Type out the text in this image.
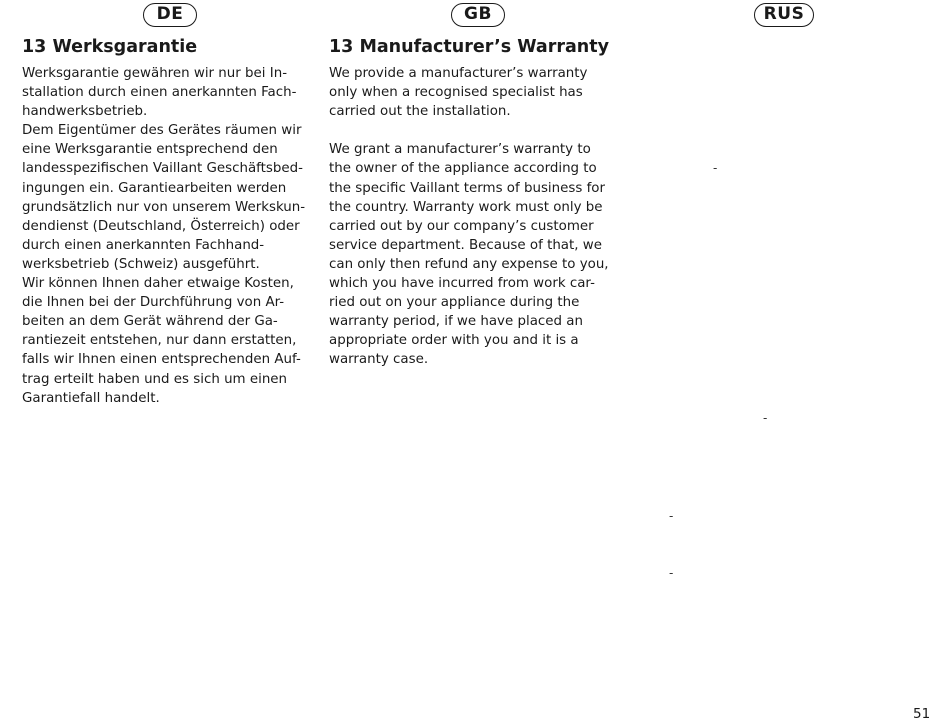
DE	GB	RUS
13 Werksgarantie
Werksgarantie gewähren wir nur bei In-
stallation durch einen anerkannten Fach-
handwerksbetrieb.
Dem Eigentümer des Gerätes räumen wir
eine Werksgarantie entsprechend den
landesspezifischen Vaillant Geschäftsbed-
ingungen ein. Garantiearbeiten werden
grundsätzlich nur von unserem Werkskun-
dendienst (Deutschland, Österreich) oder
durch einen anerkannten Fachhand-
werksbetrieb (Schweiz) ausgeführt.
Wir können Ihnen daher etwaige Kosten,
die Ihnen bei der Durchführung von Ar-
beiten an dem Gerät während der Ga-
rantiezeit entstehen, nur dann erstatten,
falls wir Ihnen einen entsprechenden Auf-
trag erteilt haben und es sich um einen
Garantiefall handelt.
13 Manufacturer’s Warranty
We provide a manufacturer’s warranty
only when a recognised specialist has
carried out the installation.
We grant a manufacturer’s warranty to
the owner of the appliance according to
the specific Vaillant terms of business for
the country. Warranty work must only be
carried out by our company’s customer
service department. Because of that, we
can only then refund any expense to you,
which you have incurred from work car-
ried out on your appliance during the
warranty period, if we have placed an
appropriate order with you and it is a
warranty case.
-
-
-
-
51
